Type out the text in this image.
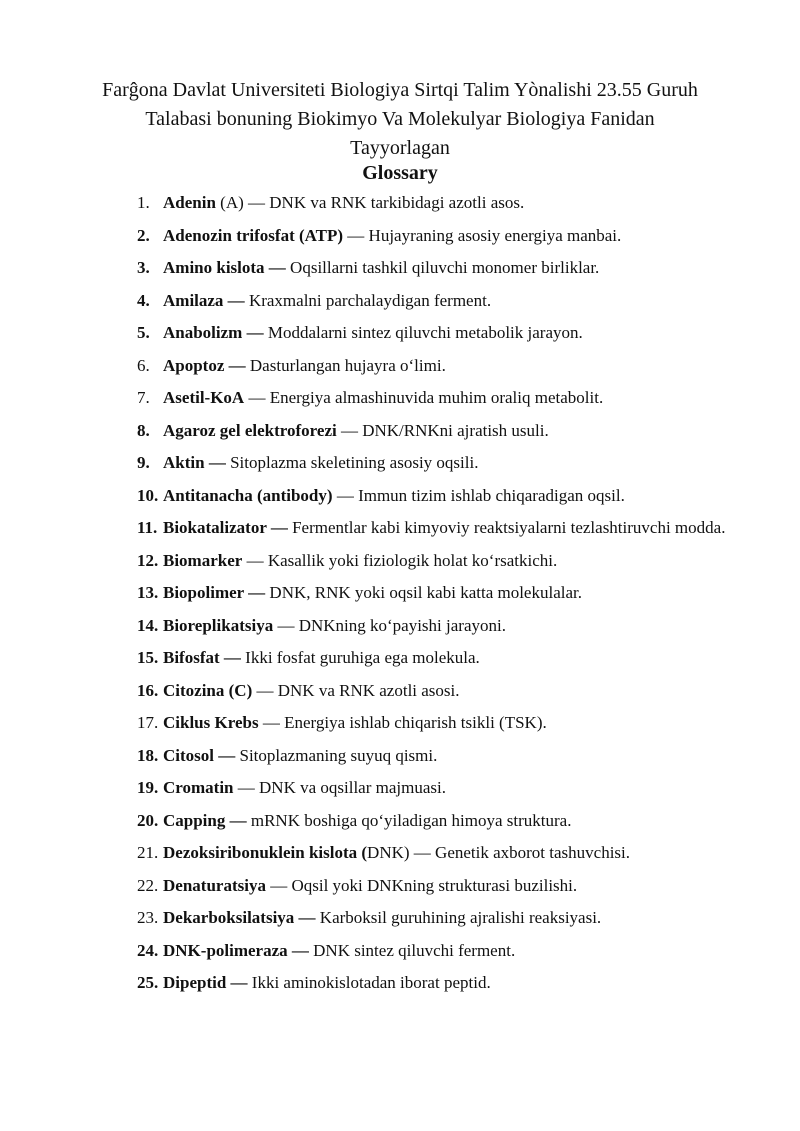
Farĝona Davlat Universiteti Biologiya Sirtqi Talim Yònalishi 23.55 Guruh Talabasi bonuning Biokimyo Va Molekulyar Biologiya Fanidan Tayyorlagan
Glossary
1. Adenin (A) — DNK va RNK tarkibidagi azotli asos.
2. Adenozin trifosfat (ATP) — Hujayraning asosiy energiya manbai.
3. Amino kislota — Oqsillarni tashkil qiluvchi monomer birliklar.
4. Amilaza — Kraxmalni parchalaydigan ferment.
5. Anabolizm — Moddalarni sintez qiluvchi metabolik jarayon.
6. Apoptoz — Dasturlangan hujayra o‘limi.
7. Asetil-KoA — Energiya almashinuvida muhim oraliq metabolit.
8. Agaroz gel elektroforezi — DNK/RNKni ajratish usuli.
9. Aktin — Sitoplazma skeletining asosiy oqsili.
10. Antitanacha (antibody) — Immun tizim ishlab chiqaradigan oqsil.
11. Biokatalizator — Fermentlar kabi kimyoviy reaktsiyalarni tezlashtiruvchi modda.
12. Biomarker — Kasallik yoki fiziologik holat ko‘rsatkichi.
13. Biopolimer — DNK, RNK yoki oqsil kabi katta molekulalar.
14. Bioreplikatsiya — DNKning ko‘payishi jarayoni.
15. Bifosfat — Ikki fosfat guruhiga ega molekula.
16. Citozina (C) — DNK va RNK azotli asosi.
17. Ciklus Krebs — Energiya ishlab chiqarish tsikli (TSK).
18. Citosol — Sitoplazmaning suyuq qismi.
19. Cromatin — DNK va oqsillar majmuasi.
20. Capping — mRNK boshiga qo‘yiladigan himoya struktura.
21. Dezoksiribonuklein kislota (DNK) — Genetik axborot tashuvchisi.
22. Denaturatsiya — Oqsil yoki DNKning strukturasi buzilishi.
23. Dekarboksilatsiya — Karboksil guruhining ajralishi reaksiyasi.
24. DNK-polimeraza — DNK sintez qiluvchi ferment.
25. Dipeptid — Ikki aminokislotadan iborat peptid.
